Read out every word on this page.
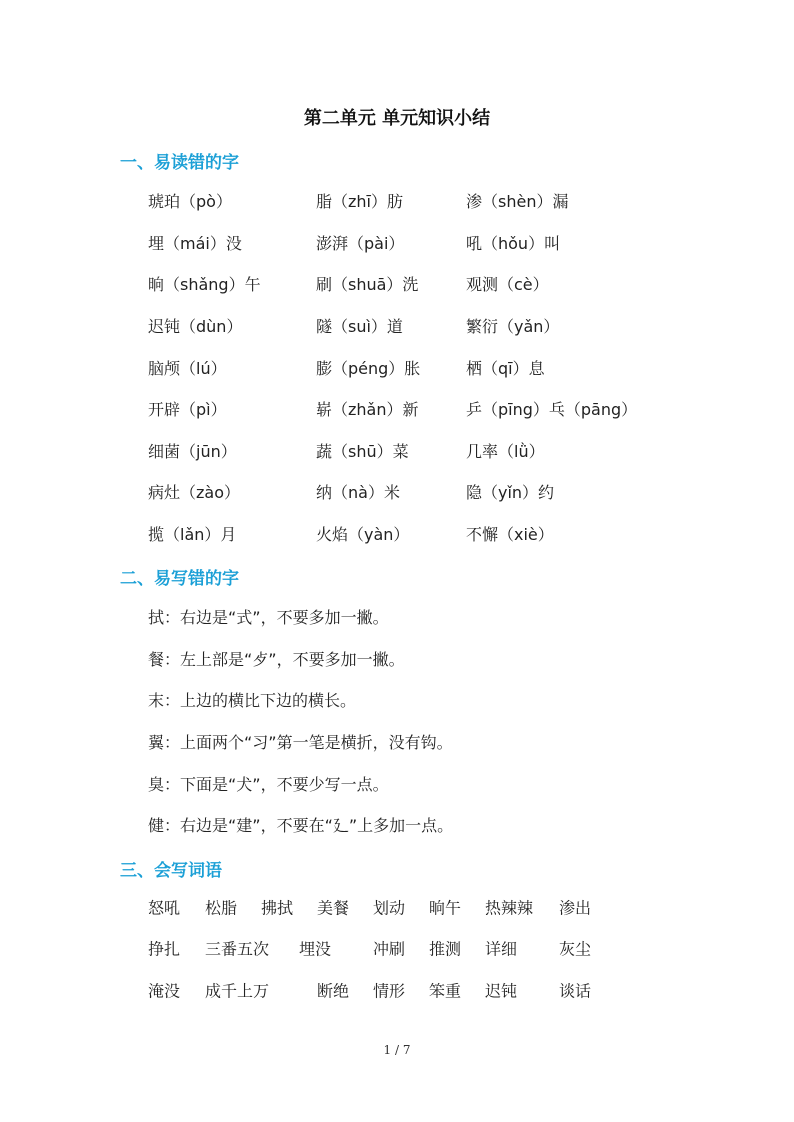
第二单元 单元知识小结
一、易读错的字
琥珀（pò）	脂（zhī）肪	渗（shèn）漏
埋（mái）没	澎湃（pài）	吼（hǒu）叫
晌（shǎng）午	刷（shuā）洗	观测（cè）
迟钝（dùn）	隧（suì）道	繁衍（yǎn）
脑颅（lú）	膨（péng）胀	栖（qī）息
开辟（pì）	崭（zhǎn）新	乒（pīng）乓（pāng）
细菌（jūn）	蔬（shū）菜	几率（lǜ）
病灶（zào）	纳（nà）米	隐（yǐn）约
揽（lǎn）月	火焰（yàn）	不懈（xiè）
二、易写错的字
拭：右边是“式”，不要多加一撇。
餐：左上部是“歺”，不要多加一撇。
末：上边的横比下边的横长。
翼：上面两个“习”第一笔是横折，没有钩。
臭：下面是“犬”，不要少写一点。
健：右边是“建”，不要在“廴”上多加一点。
三、会写词语
怒吼 松脂 拂拭 美餐 划动 晌午 热辣辣 渗出
挣扎 三番五次 埋没	冲刷 推测 详细	灰尘
淹没 成千上万	断绝 情形 笨重 迟钝	谈话
1 / 7
